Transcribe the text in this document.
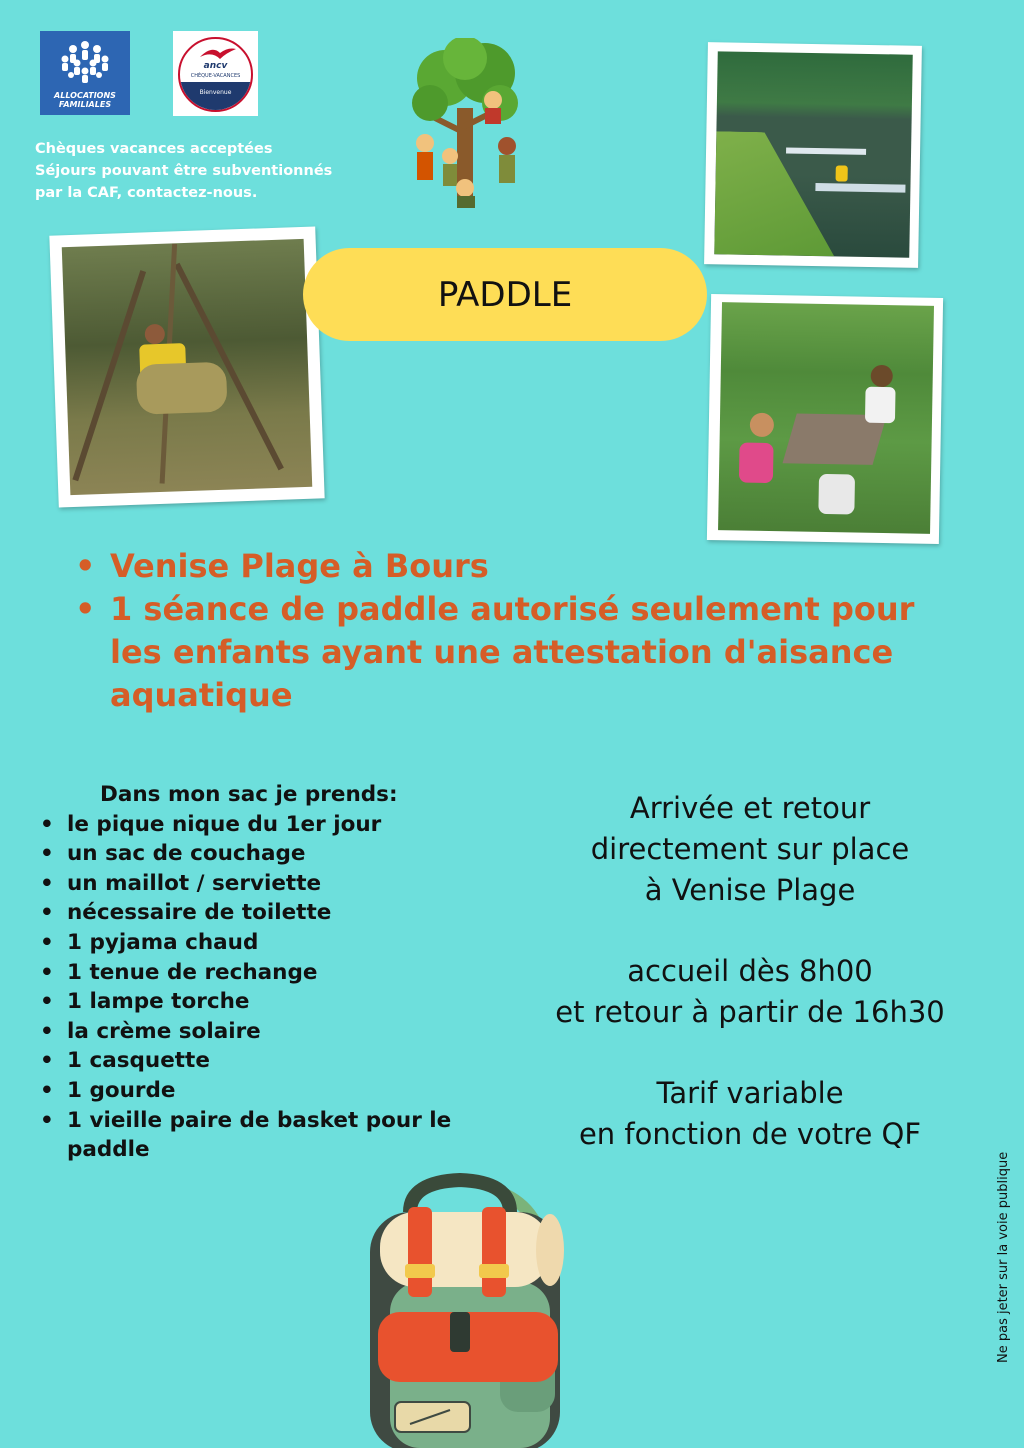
ALLOCATIONS FAMILIALES
ancv
CHÈQUE-VACANCES
Bienvenue
Chèques vacances acceptées
Séjours pouvant être subventionnés
par la CAF, contactez-nous.
PADDLE
• Venise Plage à Bours
• 1 séance de paddle autorisé seulement pour les enfants ayant une attestation d'aisance aquatique
Dans mon sac je prends:
• le pique nique du 1er jour
• un sac de couchage
• un maillot / serviette
• nécessaire de toilette
• 1 pyjama chaud
• 1 tenue de rechange
• 1 lampe torche
• la crème solaire
• 1 casquette
• 1 gourde
• 1 vieille paire de basket pour le paddle

Arrivée et retour
directement sur place
à Venise Plage

accueil dès 8h00
et retour à partir de 16h30

Tarif variable
en fonction de votre QF

Ne pas jeter sur la voie publique
